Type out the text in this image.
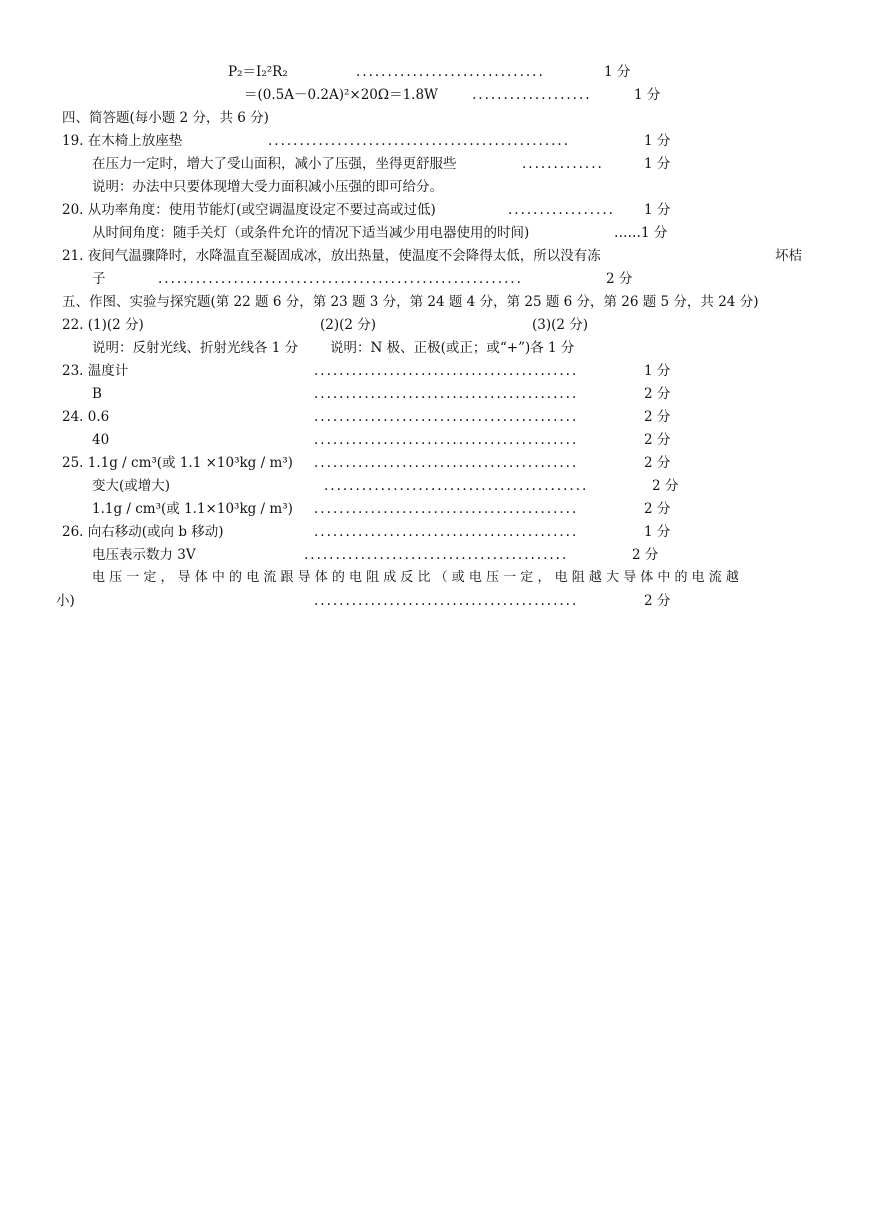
P₂＝I₂²R₂	..............................	1 分
＝(0.5A－0.2A)²×20Ω＝1.8W	...................	1 分
四、简答题(每小题 2 分，共 6 分)
19. 在木椅上放座垫	................................................	1 分
在压力一定时，增大了受山面积，减小了压强，坐得更舒服些	.............	1 分
说明：办法中只要体现增大受力面积减小压强的即可给分。
20. 从功率角度：使用节能灯(或空调温度设定不要过高或过低)	................. 1 分
从时间角度：随手关灯（或条件允许的情况下适当减少用电器使用的时间)	……1 分
21. 夜间气温骤降时，水降温直至凝固成冰，放出热量，使温度不会降得太低，所以没有冻	坏桔
子	..........................................................	2 分
五、作图、实验与探究题(第 22 题 6 分，第 23 题 3 分，第 24 题 4 分，第 25 题 6 分，第 26 题 5 分，共 24 分)
22. (1)(2 分)	(2)(2 分)	(3)(2 分)
说明：反射光线、折射光线各 1 分 说明：N 极、正极(或正；或“+”)各 1 分
23. 温度计	..........................................	1 分
B	..........................................	2 分
24. 0.6	..........................................	2 分
40	..........................................	2 分
25. 1.1g / cm³(或 1.1 ×10³kg / m³) ..........................................	2 分
变大(或增大)	..........................................	2 分
1.1g / cm³(或 1.1×10³kg / m³) ..........................................	2 分
26. 向右移动(或向 b 移动)	..........................................	1 分
电压表示数力 3V	..........................................	2 分
电 压 一 定 ， 导 体 中 的 电 流 跟 导 体 的 电 阻 成 反 比 （ 或 电 压 一 定 ， 电 阻 越 大 导 体 中 的 电 流 越
小)	..........................................	2 分
